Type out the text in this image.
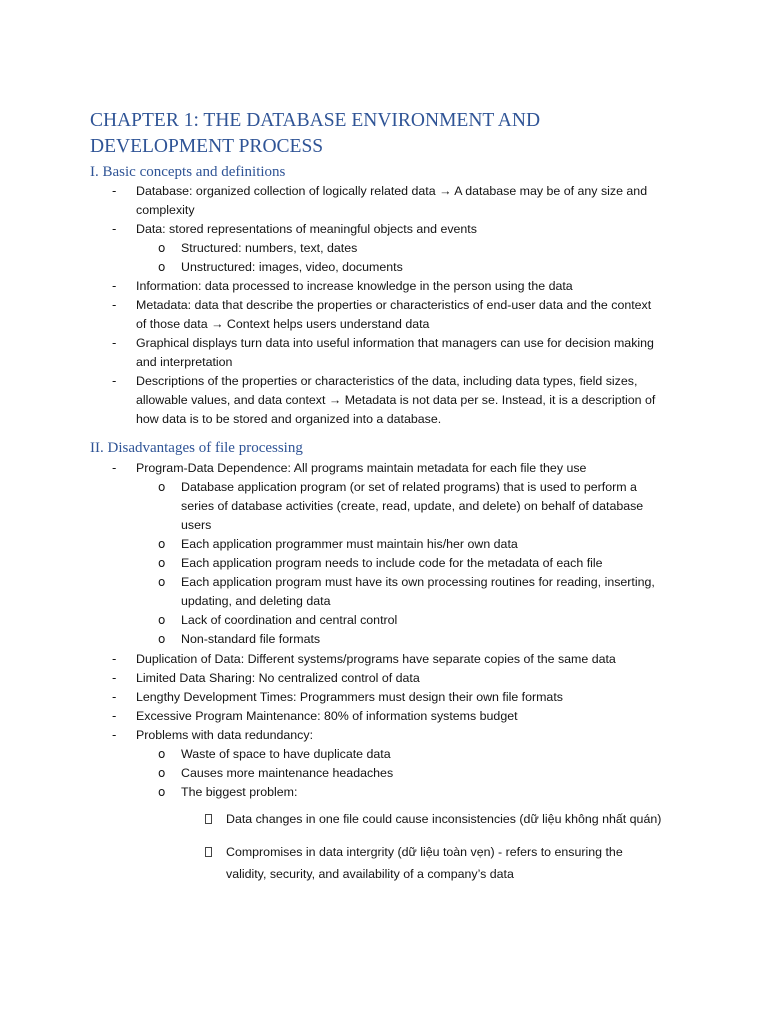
CHAPTER 1: THE DATABASE ENVIRONMENT AND
DEVELOPMENT PROCESS
I. Basic concepts and definitions
- Database: organized collection of logically related data → A database may be of any size and
complexity
- Data: stored representations of meaningful objects and events
o Structured: numbers, text, dates
o Unstructured: images, video, documents
- Information: data processed to increase knowledge in the person using the data
- Metadata: data that describe the properties or characteristics of end-user data and the context
of those data → Context helps users understand data
- Graphical displays turn data into useful information that managers can use for decision making
and interpretation
- Descriptions of the properties or characteristics of the data, including data types, field sizes,
allowable values, and data context → Metadata is not data per se. Instead, it is a description of
how data is to be stored and organized into a database.
II. Disadvantages of file processing
- Program-Data Dependence: All programs maintain metadata for each file they use
o Database application program (or set of related programs) that is used to perform a
series of database activities (create, read, update, and delete) on behalf of database
users
o Each application programmer must maintain his/her own data
o Each application program needs to include code for the metadata of each file
o Each application program must have its own processing routines for reading, inserting,
updating, and deleting data
o Lack of coordination and central control
o Non-standard file formats
- Duplication of Data: Different systems/programs have separate copies of the same data
- Limited Data Sharing: No centralized control of data
- Lengthy Development Times: Programmers must design their own file formats
- Excessive Program Maintenance: 80% of information systems budget
- Problems with data redundancy:
o Waste of space to have duplicate data
o Causes more maintenance headaches
o The biggest problem:
Data changes in one file could cause inconsistencies (dữ liệu không nhất quán)
Compromises in data intergrity (dữ liệu toàn vẹn) - refers to ensuring the
validity, security, and availability of a company’s data
